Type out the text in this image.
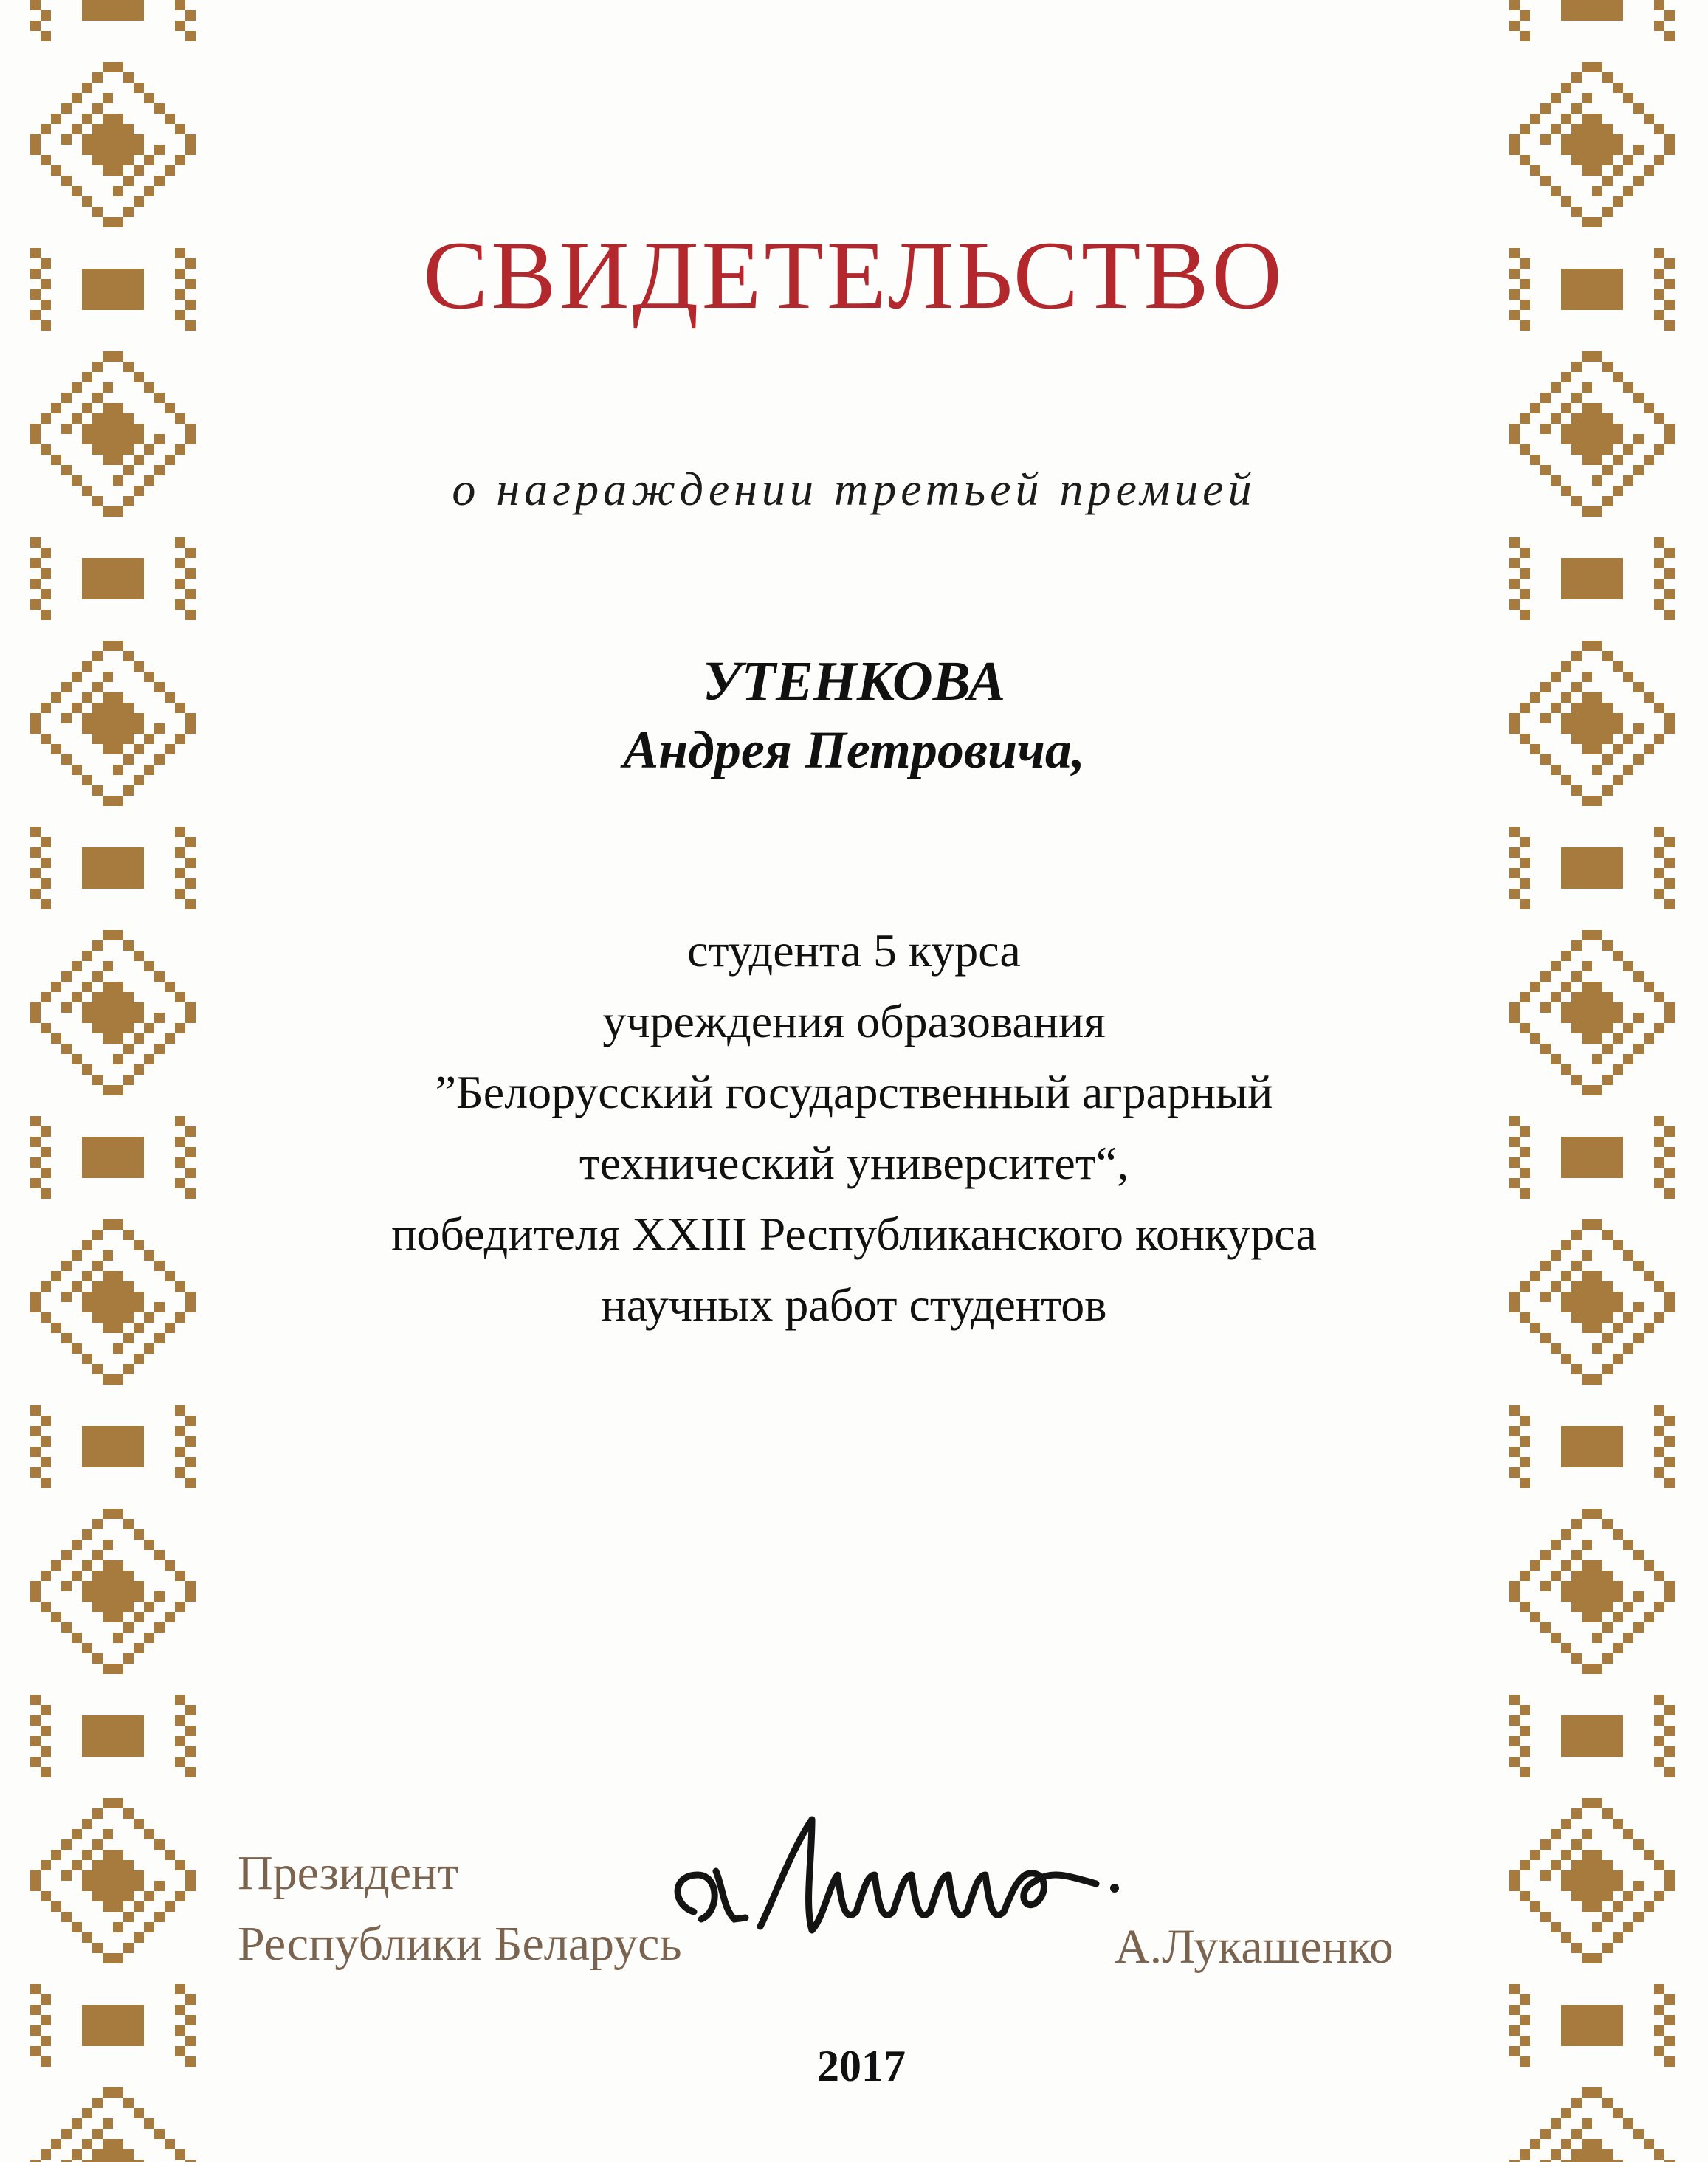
СВИДЕТЕЛЬСТВО
о награждении третьей премией
УТЕНКОВА
Андрея Петровича,
студента 5 курса
учреждения образования
”Белорусский государственный аграрный
технический университет“,
победителя XXIII Республиканского конкурса
научных работ студентов
Президент
Республики Беларусь	А.Лукашенко
2017
